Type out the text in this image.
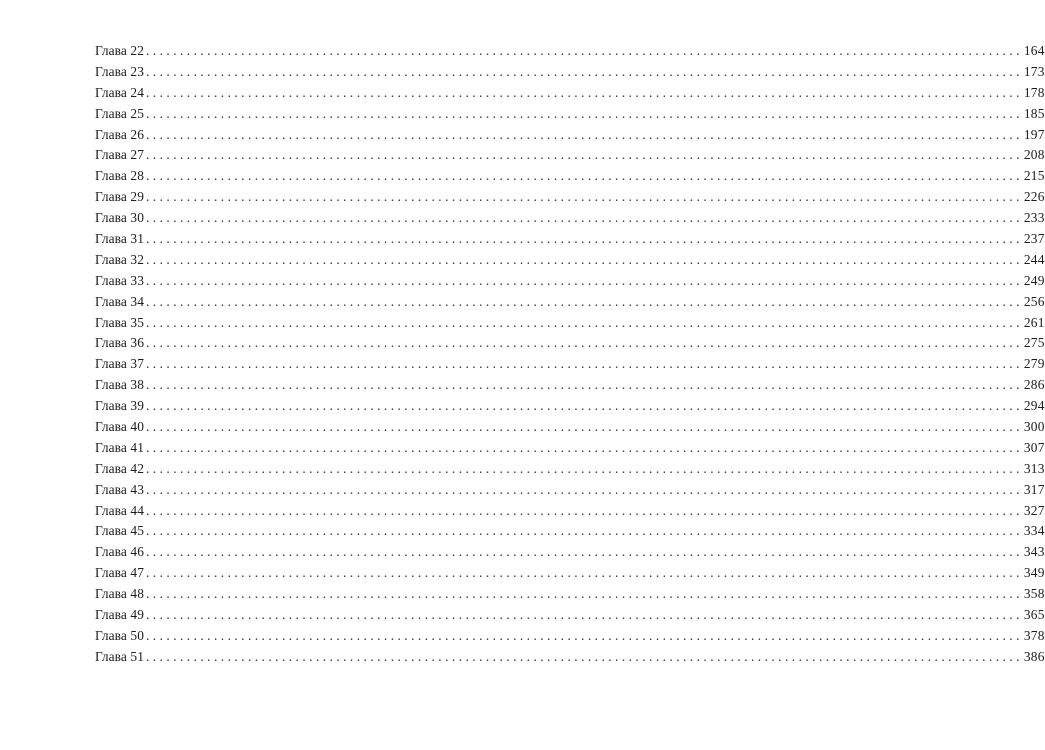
Глава 22 ................................................................................................................................. 164
Глава 23 ................................................................................................................................. 173
Глава 24 ................................................................................................................................. 178
Глава 25 ................................................................................................................................. 185
Глава 26 ................................................................................................................................. 197
Глава 27 ................................................................................................................................. 208
Глава 28 ................................................................................................................................. 215
Глава 29 ................................................................................................................................. 226
Глава 30 ................................................................................................................................. 233
Глава 31 ................................................................................................................................. 237
Глава 32 ................................................................................................................................. 244
Глава 33 ................................................................................................................................. 249
Глава 34 ................................................................................................................................. 256
Глава 35 ................................................................................................................................. 261
Глава 36 ................................................................................................................................. 275
Глава 37 ................................................................................................................................. 279
Глава 38 ................................................................................................................................. 286
Глава 39 ................................................................................................................................. 294
Глава 40 ................................................................................................................................. 300
Глава 41 ................................................................................................................................. 307
Глава 42 ................................................................................................................................. 313
Глава 43 ................................................................................................................................. 317
Глава 44 ................................................................................................................................. 327
Глава 45 ................................................................................................................................. 334
Глава 46 ................................................................................................................................. 343
Глава 47 ................................................................................................................................. 349
Глава 48 ................................................................................................................................. 358
Глава 49 ................................................................................................................................. 365
Глава 50 ................................................................................................................................. 378
Глава 51 ................................................................................................................................. 386
